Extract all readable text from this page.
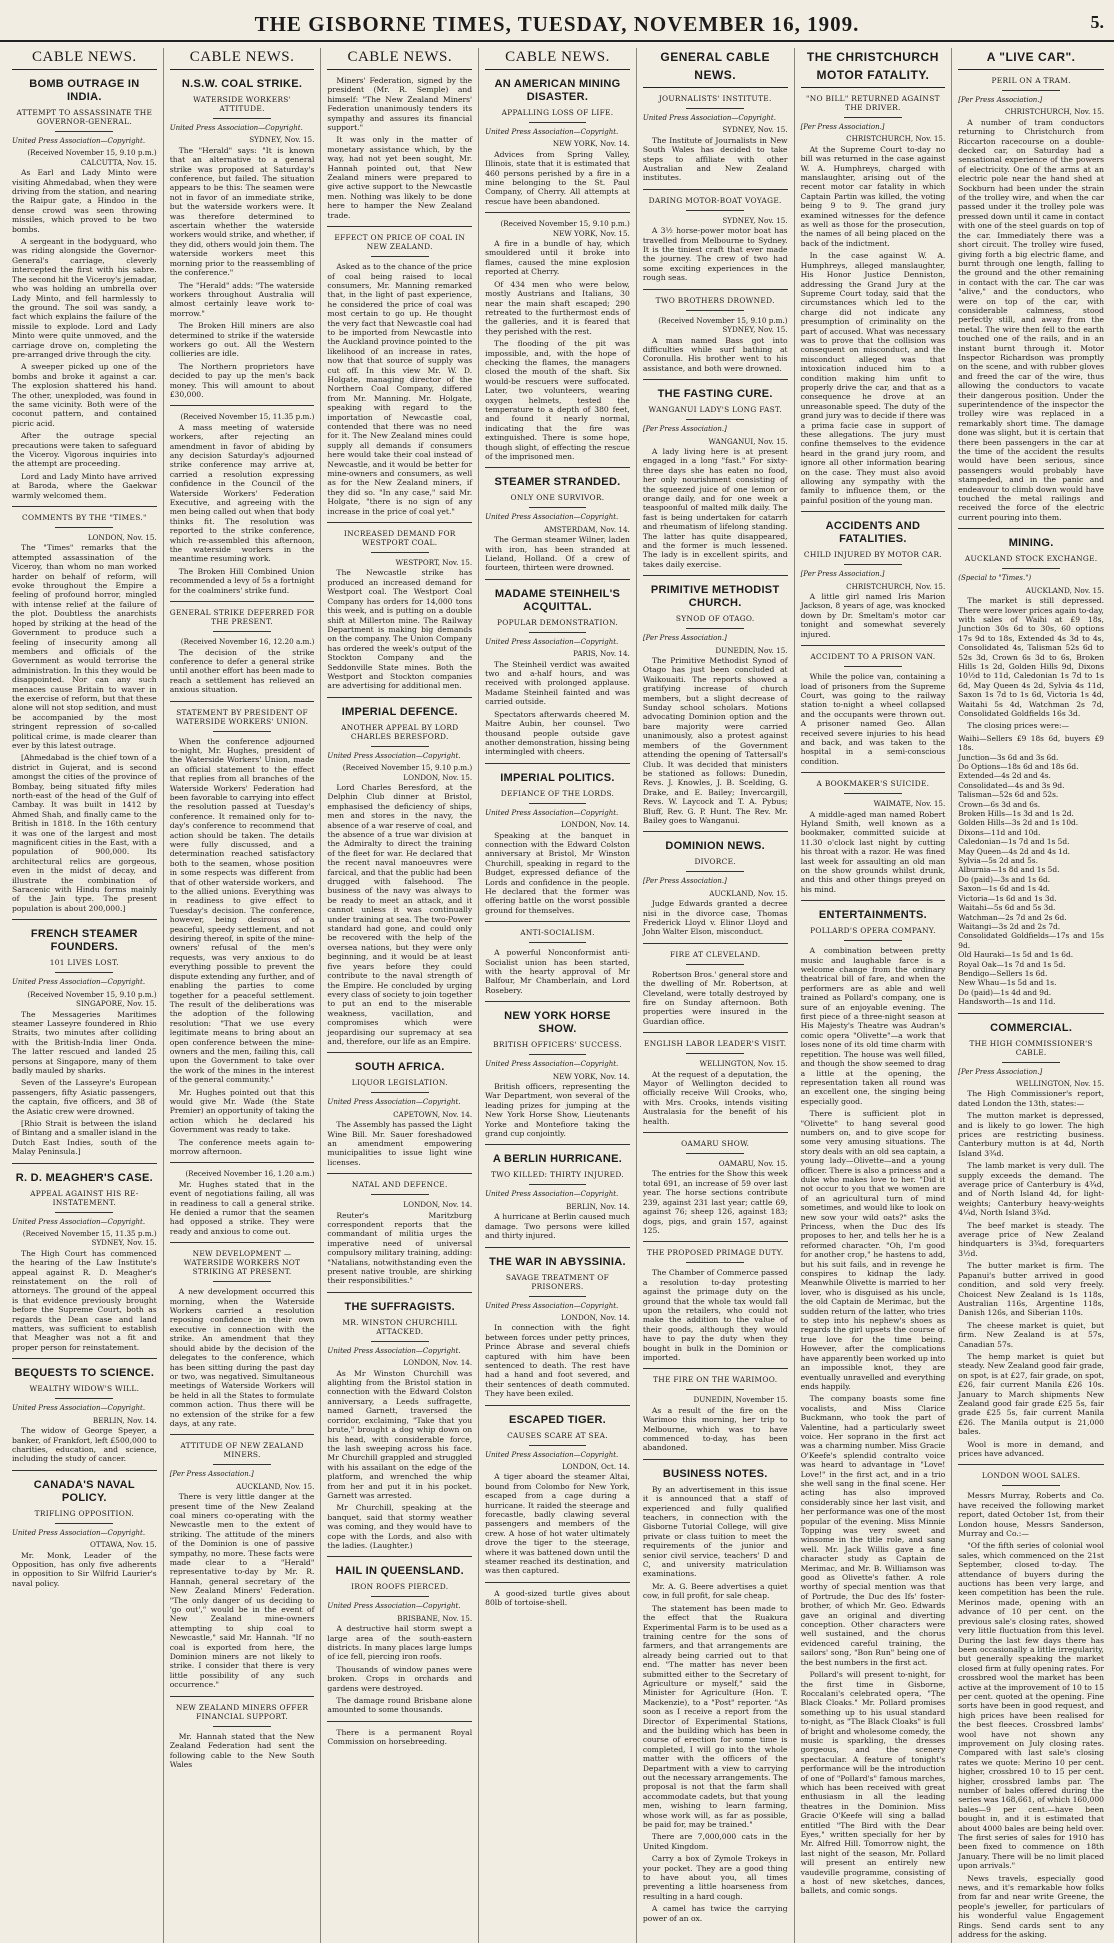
THE GISBORNE TIMES, TUESDAY, NOVEMBER 16, 1909.	5.
CABLE NEWS.
BOMB OUTRAGE IN INDIA.
ATTEMPT TO ASSASSINATE THE GOVERNOR-GENERAL.
United Press Association—Copyright.
(Received November 15, 9.10 p.m.) CALCUTTA, Nov. 15.

As Earl and Lady Minto were visiting Ahmedabad, when they were driving from the station, and nearing the Raipur gate, a Hindoo in the dense crowd was seen throwing missiles, which proved to be two bombs.

A sergeant in the bodyguard, who was riding alongside the Governor-General's carriage, cleverly intercepted the first with his sabre. The second hit the Viceroy's jemadar, who was holding an umbrella over Lady Minto, and fell harmlessly to the ground. The soil was sandy, a fact which explains the failure of the missile to explode. Lord and Lady Minto were quite unmoved, and the carriage drove on, completing the pre-arranged drive through the city.

A sweeper picked up one of the bombs and broke it against a car. The explosion shattered his hand. The other, unexploded, was found in the same vicinity. Both were of the coconut pattern, and contained picric acid.

After the outrage special precautions were taken to safeguard the Viceroy. Vigorous inquiries into the attempt are proceeding.

Lord and Lady Minto have arrived at Baroda, where the Gaekwar warmly welcomed them.

COMMENTS BY THE "TIMES."
LONDON, Nov. 15.

The "Times" remarks that the attempted assassination of the Viceroy, than whom no man worked harder on behalf of reform, will evoke throughout the Empire a feeling of profound horror, mingled with intense relief at the failure of the plot. Doubtless the anarchists hoped by striking at the head of the Government to produce such a feeling of insecurity among all members and officials of the Government as would terrorise the administration. In this they would be disappointed. Nor can any such menaces cause Britain to waver in the exercise of reform, but that these alone will not stop sedition, and must be accompanied by the most stringent repression of so-called political crime, is made clearer than ever by this latest outrage.

[Ahmedabad is the chief town of a district in Gujerat, and is second amongst the cities of the province of Bombay, being situated fifty miles north-east of the head of the Gulf of Cambay. It was built in 1412 by Ahmed Shah, and finally came to the British in 1818. In the 16th century it was one of the largest and most magnificent cities in the East, with a population of 900,000. Its architectural relics are gorgeous, even in the midst of decay, and illustrate the combination of Saracenic with Hindu forms mainly of the Jain type. The present population is about 200,000.]

FRENCH STEAMER FOUNDERS.
101 LIVES LOST.
United Press Association—Copyright.
(Received November 15, 9.10 p.m.) SINGAPORE, Nov. 15.

The Messageries Maritimes steamer Lasseyre foundered in Rhio Straits, two minutes after colliding with the British-India liner Onda. The latter rescued and landed 25 persons at Singapore, many of them badly mauled by sharks.

Seven of the Lasseyre's European passengers, fifty Asiatic passengers, the captain, five officers, and 38 of the Asiatic crew were drowned.

[Rhio Strait is between the island of Bintang and a smaller island in the Dutch East Indies, south of the Malay Peninsula.]

R. D. MEAGHER'S CASE.
APPEAL AGAINST HIS RE-INSTATEMENT.
United Press Association—Copyright.
(Received November 15, 11.35 p.m.) SYDNEY, Nov. 15.

The High Court has commenced the hearing of the Law Institute's appeal against R. D. Meagher's reinstatement on the roll of attorneys. The ground of the appeal is that evidence previously brought before the Supreme Court, both as regards the Dean case and land matters, was sufficient to establish that Meagher was not a fit and proper person for reinstatement.

BEQUESTS TO SCIENCE.
WEALTHY WIDOW'S WILL.
United Press Association—Copyright.
BERLIN, Nov. 14.

The widow of George Speyer, a banker, of Frankfort, left £500,000 to charities, education, and science, including the study of cancer.

CANADA'S NAVAL POLICY.
TRIFLING OPPOSITION.
United Press Association—Copyright.
OTTAWA, Nov. 15.

Mr. Monk, Leader of the Opposition, has only five adherents in opposition to Sir Wilfrid Laurier's naval policy.

CABLE NEWS.
N.S.W. COAL STRIKE.
WATERSIDE WORKERS' ATTITUDE.
United Press Association—Copyright.
SYDNEY, Nov. 15.

The "Herald" says: "It is known that an alternative to a general strike was proposed at Saturday's conference, but failed. The situation appears to be this: The seamen were not in favor of an immediate strike, but the waterside workers were. It was therefore determined to ascertain whether the waterside workers would strike, and whether, if they did, others would join them. The waterside workers meet this morning prior to the reassembling of the conference."

The "Herald" adds: "The waterside workers throughout Australia will almost certainly leave work to-morrow."

The Broken Hill miners are also determined to strike if the waterside workers go out. All the Western collieries are idle.

The Northern proprietors have decided to pay up the men's back money. This will amount to about £30,000.

(Received November 15, 11.35 p.m.)

A mass meeting of waterside workers, after rejecting an amendment in favor of abiding by any decision Saturday's adjourned strike conference may arrive at, carried a resolution expressing confidence in the Council of the Waterside Workers' Federation Executive, and agreeing with the men being called out when that body thinks fit. The resolution was reported to the strike conference, which re-assembled this afternoon, the waterside workers in the meantime resuming work.

The Broken Hill Combined Union recommended a levy of 5s a fortnight for the coalminers' strike fund.

GENERAL STRIKE DEFERRED FOR THE PRESENT.
(Received November 16, 12.20 a.m.)

The decision of the strike conference to defer a general strike until another effort has been made to reach a settlement has relieved an anxious situation.

STATEMENT BY PRESIDENT OF WATERSIDE WORKERS' UNION.

When the conference adjourned to-night, Mr. Hughes, president of the Waterside Workers' Union, made an official statement to the effect that replies from all branches of the Waterside Workers' Federation had been favorable to carrying into effect the resolution passed at Tuesday's conference. It remained only for to-day's conference to recommend that action should be taken. The details were fully discussed, and a determination reached satisfactory both to the seamen, whose position in some respects was different from that of other waterside workers, and to the allied unions. Everything was in readiness to give effect to Tuesday's decision. The conference, however, being desirous of a peaceful, speedy settlement, and not desiring thereof, in spite of the mine-owners' refusal of the men's requests, was very anxious to do everything possible to prevent the dispute extending any further, and of enabling the parties to come together for a peaceful settlement. The result of the deliberations was the adoption of the following resolution: "That we use every legitimate means to bring about an open conference between the mine-owners and the men, failing this, call upon the Government to take over the work of the mines in the interest of the general community."

Mr. Hughes pointed out that this would give Mr. Wade (the State Premier) an opportunity of taking the action which he declared his Government was ready to take.

The conference meets again to-morrow afternoon.

(Received November 16, 1.20 a.m.)

Mr. Hughes stated that in the event of negotiations failing, all was in readiness to call a general strike. He denied a rumor that the seamen had opposed a strike. They were ready and anxious to come out.

NEW DEVELOPMENT — WATERSIDE WORKERS NOT STRIKING AT PRESENT.

A new development occurred this morning, when the Waterside Workers carried a resolution reposing confidence in their own executive in connection with the strike. An amendment that they should abide by the decision of the delegates to the conference, which has been sitting during the past day or two, was negatived. Simultaneous meetings of Waterside Workers will be held in all the States to formulate common action. Thus there will be no extension of the strike for a few days, at any rate.

ATTITUDE OF NEW ZEALAND MINERS.
[Per Press Association.]
AUCKLAND, Nov. 15.

There is very little danger at the present time of the New Zealand coal miners co-operating with the Newcastle men to the extent of striking. The attitude of the miners of the Dominion is one of passive sympathy, no more. These facts were made clear to a "Herald" representative to-day by Mr. R. Hannah, general secretary of the New Zealand Miners' Federation. "The only danger of us deciding to 'go out'," would be in the event of New Zealand mine-owners attempting to ship coal to Newcastle," said Mr. Hannah. "If no coal is exported from here, the Dominion miners are not likely to strike. I consider that there is very little possibility of any such occurrence."

NEW ZEALAND MINERS OFFER FINANCIAL SUPPORT.

Mr. Hannah stated that the New Zealand Federation had sent the following cable to the New South Wales

CABLE NEWS.

Miners' Federation, signed by the president (Mr. R. Semple) and himself: "The New Zealand Miners' Federation unanimously tenders its sympathy and assures its financial support."

It was only in the matter of monetary assistance which, by the way, had not yet been sought, Mr. Hannah pointed out, that New Zealand miners were prepared to give active support to the Newcastle men. Nothing was likely to be done here to hamper the New Zealand trade.

EFFECT ON PRICE OF COAL IN NEW ZEALAND.

Asked as to the chance of the price of coal being raised to local consumers, Mr. Manning remarked that, in the light of past experience, he considered the price of coal was most certain to go up. He thought the very fact that Newcastle coal had to be imported from Newcastle into the Auckland province pointed to the likelihood of an increase in rates, now that that source of supply was cut off. In this view Mr. W. D. Holgate, managing director of the Northern Coal Company, differed from Mr. Manning. Mr. Holgate, speaking with regard to the importation of Newcastle coal, contended that there was no need for it. The New Zealand mines could supply all demands if consumers here would take their coal instead of Newcastle, and it would be better for mine-owners and consumers, as well as for the New Zealand miners, if they did so. "In any case," said Mr. Holgate, "there is no sign of any increase in the price of coal yet."

INCREASED DEMAND FOR WESTPORT COAL.
WESTPORT, Nov. 15.

The Newcastle strike has produced an increased demand for Westport coal. The Westport Coal Company has orders for 14,000 tons this week, and is putting on a double shift at Millerton mine. The Railway Department is making big demands on the company. The Union Company has ordered the week's output of the Stockton Company and the Seddonville State mines. Both the Westport and Stockton companies are advertising for additional men.

IMPERIAL DEFENCE.
ANOTHER APPEAL BY LORD CHARLES BERESFORD.
United Press Association—Copyright.
(Received November 15, 9.10 p.m.) LONDON, Nov. 15.

Lord Charles Beresford, at the Delphin Club dinner at Bristol, emphasised the deficiency of ships, men and stores in the navy, the absence of a war reserve of coal, and the absence of a true war division at the Admiralty to direct the training of the fleet for war. He declared that the recent naval manoeuvres were farcical, and that the public had been drugged with falsehood. The business of the navy was always to be ready to meet an attack, and it cannot unless it was continually under training at sea. The two-Power standard had gone, and could only be recovered with the help of the oversea nations, but they were only beginning, and it would be at least five years before they could contribute to the naval strength of the Empire. He concluded by urging every class of society to join together to put an end to the miserable weakness, vacillation, and compromises which were jeopardising our supremacy at sea and, therefore, our life as an Empire.

SOUTH AFRICA.
LIQUOR LEGISLATION.
United Press Association—Copyright.
CAPETOWN, Nov. 14.

The Assembly has passed the Light Wine Bill. Mr. Sauer foreshadowed an amendment empowering municipalities to issue light wine licenses.

NATAL AND DEFENCE.
LONDON, Nov. 14.

Reuter's Maritzburg correspondent reports that the commandant of militia urges the imperative need of universal compulsory military training, adding: "Natalians, notwithstanding even the present native trouble, are shirking their responsibilities."

THE SUFFRAGISTS.
MR. WINSTON CHURCHILL ATTACKED.
United Press Association—Copyright.
LONDON, Nov. 14.

As Mr Winston Churchill was alighting from the Bristol station in connection with the Edward Colston anniversary, a Leeds suffragette, named Garnett, traversed the corridor, exclaiming, "Take that you brute," brought a dog whip down on his head, with considerable force, the lash sweeping across his face. Mr Churchill grappled and struggled with his assailant on the edge of the platform, and wrenched the whip from her and put it in his pocket. Garnett was arrested.

Mr Churchill, speaking at the banquet, said that stormy weather was coming, and they would have to cope with the Lords, and also with the ladies. (Laughter.)

HAIL IN QUEENSLAND.
IRON ROOFS PIERCED.
United Press Association—Copyright.
BRISBANE, Nov. 15.

A destructive hail storm swept a large area of the south-eastern districts. In many places large lumps of ice fell, piercing iron roofs.

Thousands of window panes were broken. Crops in orchards and gardens were destroyed.

The damage round Brisbane alone amounted to some thousands.

There is a permanent Royal Commission on horsebreeding.

CABLE NEWS.
AN AMERICAN MINING DISASTER.
APPALLING LOSS OF LIFE.
United Press Association—Copyright.
NEW YORK, Nov. 14.

Advices from Spring Valley, Illinois, state that it is estimated that 460 persons perished by a fire in a mine belonging to the St. Paul Company, of Cherry. All attempts at rescue have been abandoned.

(Received November 15, 9.10 p.m.) NEW YORK, Nov. 15.

A fire in a bundle of hay, which smouldered until it broke into flames, caused the mine explosion reported at Cherry.

Of 434 men who were below, mostly Austrians and Italians, 30 near the main shaft escaped; 290 retreated to the furthermost ends of the galleries, and it is feared that they perished with the rest.

The flooding of the pit was impossible, and, with the hope of checking the flames, the managers closed the mouth of the shaft. Six would-be rescuers were suffocated. Later, two volunteers, wearing oxygen helmets, tested the temperature to a depth of 380 feet, and found it nearly normal, indicating that the fire was extinguished. There is some hope, though slight, of effecting the rescue of the imprisoned men.

STEAMER STRANDED.
ONLY ONE SURVIVOR.
United Press Association—Copyright.
AMSTERDAM, Nov. 14.

The German steamer Wilner, laden with iron, has been stranded at Lieland, Holland. Of a crew of fourteen, thirteen were drowned.

MADAME STEINHEIL'S ACQUITTAL.
POPULAR DEMONSTRATION.
United Press Association—Copyright.
PARIS, Nov. 14.

The Steinheil verdict was awaited two and a-half hours, and was received with prolonged applause. Madame Steinheil fainted and was carried outside.

Spectators afterwards cheered M. Maitre Aubin, her counsel. Two thousand people outside gave another demonstration, hissing being intermingled with cheers.

IMPERIAL POLITICS.
DEFIANCE OF THE LORDS.
United Press Association—Copyright.
LONDON, Nov. 14.

Speaking at the banquet in connection with the Edward Colston anniversary at Bristol, Mr Winston Churchill, speaking in regard to the Budget, expressed defiance of the Lords and confidence in the people. He declared that the former was offering battle on the worst possible ground for themselves.

ANTI-SOCIALISM.

A powerful Nonconformist anti-Socialist union has been started, with the hearty approval of Mr Balfour, Mr Chamberlain, and Lord Rosebery.

NEW YORK HORSE SHOW.
BRITISH OFFICERS' SUCCESS.
United Press Association—Copyright.
NEW YORK, Nov. 14.

British officers, representing the War Department, won several of the leading prizes for jumping at the New York Horse Show, Lieutenants Yorke and Montefiore taking the grand cup conjointly.

A BERLIN HURRICANE.
TWO KILLED: THIRTY INJURED.
United Press Association—Copyright.
BERLIN, Nov. 14.

A hurricane at Berlin caused much damage. Two persons were killed and thirty injured.

THE WAR IN ABYSSINIA.
SAVAGE TREATMENT OF PRISONERS.
United Press Association—Copyright.
LONDON, Nov. 14.

In connection with the fight between forces under petty princes, Prince Abrase and several chiefs captured with him have been sentenced to death. The rest have had a hand and foot severed, and their sentences of death commuted. They have been exiled.

ESCAPED TIGER.
CAUSES SCARE AT SEA.
United Press Association—Copyright.
LONDON, Oct. 14.

A tiger aboard the steamer Altai, bound from Colombo for New York, escaped from a cage during a hurricane. It raided the steerage and forecastle, badly clawing several passengers and members of the crew. A hose of hot water ultimately drove the tiger to the steerage, where it was battened down until the steamer reached its destination, and was then captured.

A good-sized turtle gives about 80lb of tortoise-shell.

GENERAL CABLE NEWS.
JOURNALISTS' INSTITUTE.
United Press Association—Copyright.
SYDNEY, Nov. 15.

The Institute of Journalists in New South Wales has decided to take steps to affiliate with other Australian and New Zealand institutes.

DARING MOTOR-BOAT VOYAGE.
SYDNEY, Nov. 15.

A 3½ horse-power motor boat has travelled from Melbourne to Sydney. It is the tiniest craft that ever made the journey. The crew of two had some exciting experiences in the rough seas.

TWO BROTHERS DROWNED.
(Received November 15, 9.10 p.m.) SYDNEY, Nov. 15.

A man named Bass got into difficulties while surf bathing at Coronulla. His brother went to his assistance, and both were drowned.

THE FASTING CURE.
WANGANUI LADY'S LONG FAST.
[Per Press Association.]
WANGANUI, Nov. 15.

A lady living here is at present engaged in a long "fast." For sixty-three days she has eaten no food, her only nourishment consisting of the squeezed juice of one lemon or orange daily, and for one week a teaspoonful of malted milk daily. The fast is being undertaken for catarrh and rheumatism of lifelong standing. The latter has quite disappeared, and the former is much lessened. The lady is in excellent spirits, and takes daily exercise.

PRIMITIVE METHODIST CHURCH.
SYNOD OF OTAGO.
[Per Press Association.]
DUNEDIN, Nov. 15.

The Primitive Methodist Synod of Otago has just been concluded at Waikouaiti. The reports showed a gratifying increase of church members, but a slight decrease of Sunday school scholars. Motions advocating Dominion option and the bare majority were carried unanimously, also a protest against members of the Government attending the opening of Tattersall's Club. It was decided that ministers be stationed as follows: Dunedin, Revs. J. Knowles, J. B. Scelding, G. Drake, and E. Bailey; Invercargill, Revs. W. Laycock and T. A. Pybus; Bluff, Rev. G. P. Hunt. The Rev. Mr. Bailey goes to Wanganui.

DOMINION NEWS.
DIVORCE.
[Per Press Association.]
AUCKLAND, Nov. 15.

Judge Edwards granted a decree nisi in the divorce case, Thomas Frederick Lloyd v. Elinor Lloyd and John Walter Elson, misconduct.

FIRE AT CLEVELAND.

Robertson Bros.' general store and the dwelling of Mr. Robertson, at Cleveland, were totally destroyed by fire on Sunday afternoon. Both properties were insured in the Guardian office.

ENGLISH LABOR LEADER'S VISIT.
WELLINGTON, Nov. 15.

At the request of a deputation, the Mayor of Wellington decided to officially receive Will Crooks, who, with Mrs. Crooks, intends visiting Australasia for the benefit of his health.

OAMARU SHOW.
OAMARU, Nov. 15.

The entries for the Show this week total 691, an increase of 59 over last year. The horse sections contribute 239, against 231 last year; cattle 69, against 76; sheep 126, against 183; dogs, pigs, and grain 157, against 125.

THE PROPOSED PRIMAGE DUTY.

The Chamber of Commerce passed a resolution to-day protesting against the primage duty on the ground that the whole tax would fall upon the retailers, who could not make the addition to the value of their goods, although they would have to pay the duty when they bought in bulk in the Dominion or imported.

THE FIRE ON THE WARIMOO.
DUNEDIN, November 15.

As a result of the fire on the Warimoo this morning, her trip to Melbourne, which was to have commenced to-day, has been abandoned.

BUSINESS NOTES.

By an advertisement in this issue it is announced that a staff of experienced and fully qualified teachers, in connection with the Gisborne Tutorial College, will give private or class tuition to meet the requirements of the junior and senior civil service, teachers' D and C, and university matriculation examinations.

Mr. A. G. Beere advertises a quiet cow, in full profit, for sale cheap.

The statement has been made to the effect that the Ruakura Experimental Farm is to be used as a training centre for the sons of farmers, and that arrangements are already being carried out to that end. "The matter has never been submitted either to the Secretary of Agriculture or myself," said the Minister for Agriculture (Hon. T. Mackenzie), to a "Post" reporter. "As soon as I receive a report from the Director of Experimental Stations, and the building which has been in course of erection for some time is completed, I will go into the whole matter with the officers of the Department with a view to carrying out the necessary arrangements. The proposal is not that the farm shall accommodate cadets, but that young men, wishing to learn farming, whose work will, as far as possible, be paid for, may be trained."

There are 7,000,000 cats in the United Kingdom.

Carry a box of Zymole Trokeys in your pocket. They are a good thing to have about you, all times preventing a little hoarseness from resulting in a hard cough.

A camel has twice the carrying power of an ox.

THE CHRISTCHURCH MOTOR FATALITY.
"NO BILL" RETURNED AGAINST THE DRIVER.
[Per Press Association.]
CHRISTCHURCH, Nov. 15.

At the Supreme Court to-day no bill was returned in the case against W. A. Humphreys, charged with manslaughter, arising out of the recent motor car fatality in which Captain Partin was killed, the voting being 9 to 9. The grand jury examined witnesses for the defence as well as those for the prosecution, the names of all being placed on the back of the indictment.

In the case against W. A. Humphreys, alleged manslaughter, His Honor Justice Denniston, addressing the Grand Jury at the Supreme Court today, said that the circumstances which led to the charge did not indicate any presumption of criminality on the part of accused. What was necessary was to prove that the collision was consequent on misconduct, and the misconduct alleged was that intoxication induced him to a condition making him unfit to properly drive the car, and that as a consequence he drove at an unreasonable speed. The duty of the grand jury was to decide if there was a prima facie case in support of these allegations. The jury must confine themselves to the evidence heard in the grand jury room, and ignore all other information bearing on the case. They must also avoid allowing any sympathy with the family to influence them, or the painful position of the young man.

ACCIDENTS AND FATALITIES.
CHILD INJURED BY MOTOR CAR.
[Per Press Association.]
CHRISTCHURCH, Nov. 15.

A little girl named Iris Marion Jackson, 8 years of age, was knocked down by Dr. Smeltam's motor car tonight and somewhat severely injured.

ACCIDENT TO A PRISON VAN.

While the police van, containing a load of prisoners from the Supreme Court, was going to the railway station to-night a wheel collapsed and the occupants were thrown out. A prisoner named Geo. Allan received severe injuries to his head and back, and was taken to the hospital in a semi-conscious condition.

A BOOKMAKER'S SUICIDE.
WAIMATE, Nov. 15.

A middle-aged man named Robert Hyland Smith, well known as a bookmaker, committed suicide at 11.30 o'clock last night by cutting his throat with a razor. He was fined last week for assaulting an old man on the show grounds whilst drunk, and this and other things preyed on his mind.

ENTERTAINMENTS.
POLLARD'S OPERA COMPANY.

A combination between pretty music and laughable farce is a welcome change from the ordinary theatrical bill of fare, and when the performers are as able and well trained as Pollard's company, one is sure of an enjoyable evening. The first piece of a three-night season at His Majesty's Theatre was Audran's comic opera "Olivette"—a work that loses none of its old time charm with repetition. The house was well filled, and though the show seemed to drag a little at the opening, the representation taken all round was an excellent one, the singing being especially good.

There is sufficient plot in "Olivette" to hang several good numbers on, and to give scope for some very amusing situations. The story deals with an old sea captain, a young lady—Olivette—and a young officer. There is also a princess and a duke who makes love to her. "Did it not occur to you that we women are of an agricultural turn of mind sometimes, and would like to look on new sow your wild oats?" asks the Princess, when the Duc des Ifs proposes to her, and tells her he is a reformed character. "Oh, I'm good for another crop," he hastens to add, but his suit fails, and in revenge he conspires to kidnap the lady. Meanwhile Olivette is married to her lover, who is disguised as his uncle, the old Captain de Merimac, but the sudden return of the latter, who tries to step into his nephew's shoes as regards the girl upsets the course of true love for the time being. However, after the complications have apparently been worked up into an impossible knot, they are eventually unravelled and everything ends happily.

The company boasts some fine vocalists, and Miss Clarice Buckmann, who took the part of Valentine, had a particularly sweet voice. Her soprano in the first act was a charming number. Miss Gracie O'Keefe's splendid contralto voice was heard to advantage in "Love! Love!" in the first act, and in a trio she well sang in the final scene. Her acting has also improved considerably since her last visit, and her performance was one of the most popular of the evening. Miss Minnie Topping was very sweet and winsome in the title role, and sang well. Mr. Jack Willis gave a fine character study as Captain de Merimac, and Mr. B. Williamson was good as Olivette's father. A role worthy of special mention was that of Portrude, the Duc des Ifs' foster-brother, of which Mr. Geo. Edwards gave an original and diverting conception. Other characters were well sustained, and the chorus evidenced careful training, the sailors' song, "Bon Run" being one of the best numbers in the first act.

Pollard's will present to-night, for the first time in Gisborne, Roccalani's celebrated opera, "The Black Cloaks." Mr. Pollard promises something up to his usual standard to-night, as "The Black Cloaks" is full of bright and wholesome comedy, the music is sparkling, the dresses gorgeous, and the scenery spectacular. A feature of tonight's performance will be the introduction of one of "Pollard's" famous marches, which has been received with great enthusiasm in all the leading theatres in the Dominion. Miss Gracie O'Keefe will sing a ballad entitled "The Bird with the Dear Eyes," written specially for her by Mr. Alfred Hill. Tomorrow night, the last night of the season, Mr. Pollard will present an entirely new vaudeville programme, consisting of a host of new sketches, dances, ballets, and comic songs.

A "LIVE CAR".
PERIL ON A TRAM.
[Per Press Association.]
CHRISTCHURCH, Nov. 15.

A number of tram conductors returning to Christchurch from Riccarton racecourse on a double-decked car, on Saturday had a sensational experience of the powers of electricity. One of the arms at an electric pole near the hand shed at Sockburn had been under the strain of the trolley wire, and when the car passed under it the trolley pole was pressed down until it came in contact with one of the steel guards on top of the car. Immediately there was a short circuit. The trolley wire fused, giving forth a big electric flame, and burnt through one length, falling to the ground and the other remaining in contact with the car. The car was "alive," and the conductors, who were on top of the car, with considerable calmness, stood perfectly still, and away from the metal. The wire then fell to the earth touched one of the rails, and in an instant burnt through it. Motor Inspector Richardson was promptly on the scene, and with rubber gloves and freed the car of the wire, thus allowing the conductors to vacate their dangerous position. Under the superintendence of the inspector the trolley wire was replaced in a remarkably short time. The damage done was slight, but it is certain that there been passengers in the car at the time of the accident the results would have been serious, since passengers would probably have stampeded, and in the panic and endeavour to climb down would have touched the metal railings and received the force of the electric current pouring into them.

MINING.
AUCKLAND STOCK EXCHANGE.
(Special to "Times.")
AUCKLAND, Nov. 15.

The market is still depressed. There were lower prices again to-day, with sales of Waihi at £9 18s, Junction 30s 6d to 30s, 60 options 17s 9d to 18s, Extended 4s 3d to 4s, Consolidated 4s, Talisman 52s 6d to 52s 3d, Crown 6s 3d to 6s, Broken Hills 1s 2d, Golden Hills 9d, Dixons 10½d to 11d, Caledonian 1s 7d to 1s 6d, May Queen 4s 2d, Sylvia 4s 11d, Saxon 1s 7d to 1s 6d, Victoria 1s 4d, Waitahi 5s 4d, Watchman 2s 7d, Consolidated Goldfields 16s 3d.

The closing prices were:—

Waihi—Sellers £9 18s 6d, buyers £9 18s.
Junction—3s 6d and 3s 6d.
Do Options—18s 6d and 18s 6d.
Extended—4s 2d and 4s.
Consolidated—4s and 3s 9d.
Talisman—52s 6d and 52s.
Crown—6s 3d and 6s.
Broken Hills—1s 3d and 1s 2d.
Golden Hills—3s 2d and 1s 10d.
Dixons—11d and 10d.
Caledonian—1s 7d and 1s 5d.
May Queen—4s 2d and 4s 1d.
Sylvia—5s 2d and 5s.
Alburnia—1s 8d and 1s 5d.
Do (paid)—3s and 1s 6d.
Saxon—1s 6d and 1s 4d.
Victoria—1s 6d and 1s 3d.
Waitahi—5s 6d and 5s 3d.
Watchman—2s 7d and 2s 6d.
Waitangi—3s 2d and 2s 7d.
Consolidated Goldfields—17s and 15s 9d.
Old Hauraki—1s 5d and 1s 6d.
Royal Oak—1s 7d and 1s 5d.
Bendigo—Sellers 1s 6d.
New Whau—1s 5d and 1s.
Do (paid)—1s 4d and 9d.
Handsworth—1s and 11d.
COMMERCIAL.
THE HIGH COMMISSIONER'S CABLE.
[Per Press Association.]
WELLINGTON, Nov. 15.

The High Commissioner's report, dated London the 13th, states:—

The mutton market is depressed, and is likely to go lower. The high prices are restricting business. Canterbury mutton is at 4d, North Island 3¾d.

The lamb market is very dull. The supply exceeds the demand. The average price of Canterbury is 4¾d, and of North Island 4d, for light-weights; Canterbury heavy-weights 4¼d, North Island 3¾d.

The beef market is steady. The average price of New Zealand hindquarters is 3¾d, forequarters 3½d.

The butter market is firm. The Papanui's butter arrived in good condition, and sold very freely. Choicest New Zealand is 1s 118s, Australian 116s, Argentine 118s, Danish 126s, and Siberian 110s.

The cheese market is quiet, but firm. New Zealand is at 57s, Canadian 57s.

The hemp market is quiet but steady. New Zealand good fair grade, on spot, is at £27, fair grade, on spot, £26, fair current Manila £26 10s. January to March shipments New Zealand good fair grade £25 5s, fair grade £25 5s, fair current Manila £26. The Manila output is 21,000 bales.

Wool is more in demand, and prices have advanced.

LONDON WOOL SALES.

Messrs Murray, Roberts and Co. have received the following market report, dated October 1st, from their London house, Messrs Sanderson, Murray and Co.:—

"Of the fifth series of colonial wool sales, which commenced on the 21st September, closed to-day. The attendance of buyers during the auctions has been very large, and keen competition has been the rule. Merinos made, opening with an advance of 10 per cent. on the previous sale's closing rates, showed very little fluctuation from this level. During the last few days there has been occasionally a little irregularity, but generally speaking the market closed firm at fully opening rates. For crossbred wool the market has been active at the improvement of 10 to 15 per cent. quoted at the opening. Fine sorts have been in good request, and high prices have been realised for the best fleeces. Crossbred lambs' wool have not shown any improvement on July closing rates. Compared with last sale's closing rates we quote: Merino 10 per cent. higher, crossbred 10 to 15 per cent. higher, crossbred lambs par. The number of bales offered during the series was 168,661, of which 160,000 bales—9 per cent.—have been bought in, and it is estimated that about 4000 bales are being held over. The first series of sales for 1910 has been fixed to commence on 18th January. There will be no limit placed upon arrivals."

News travels, especially good news, and it's remarkable how folks from far and near write Greene, the people's jeweller, for particulars of his wonderful value Engagement Rings. Send cards sent to any address for the asking.
